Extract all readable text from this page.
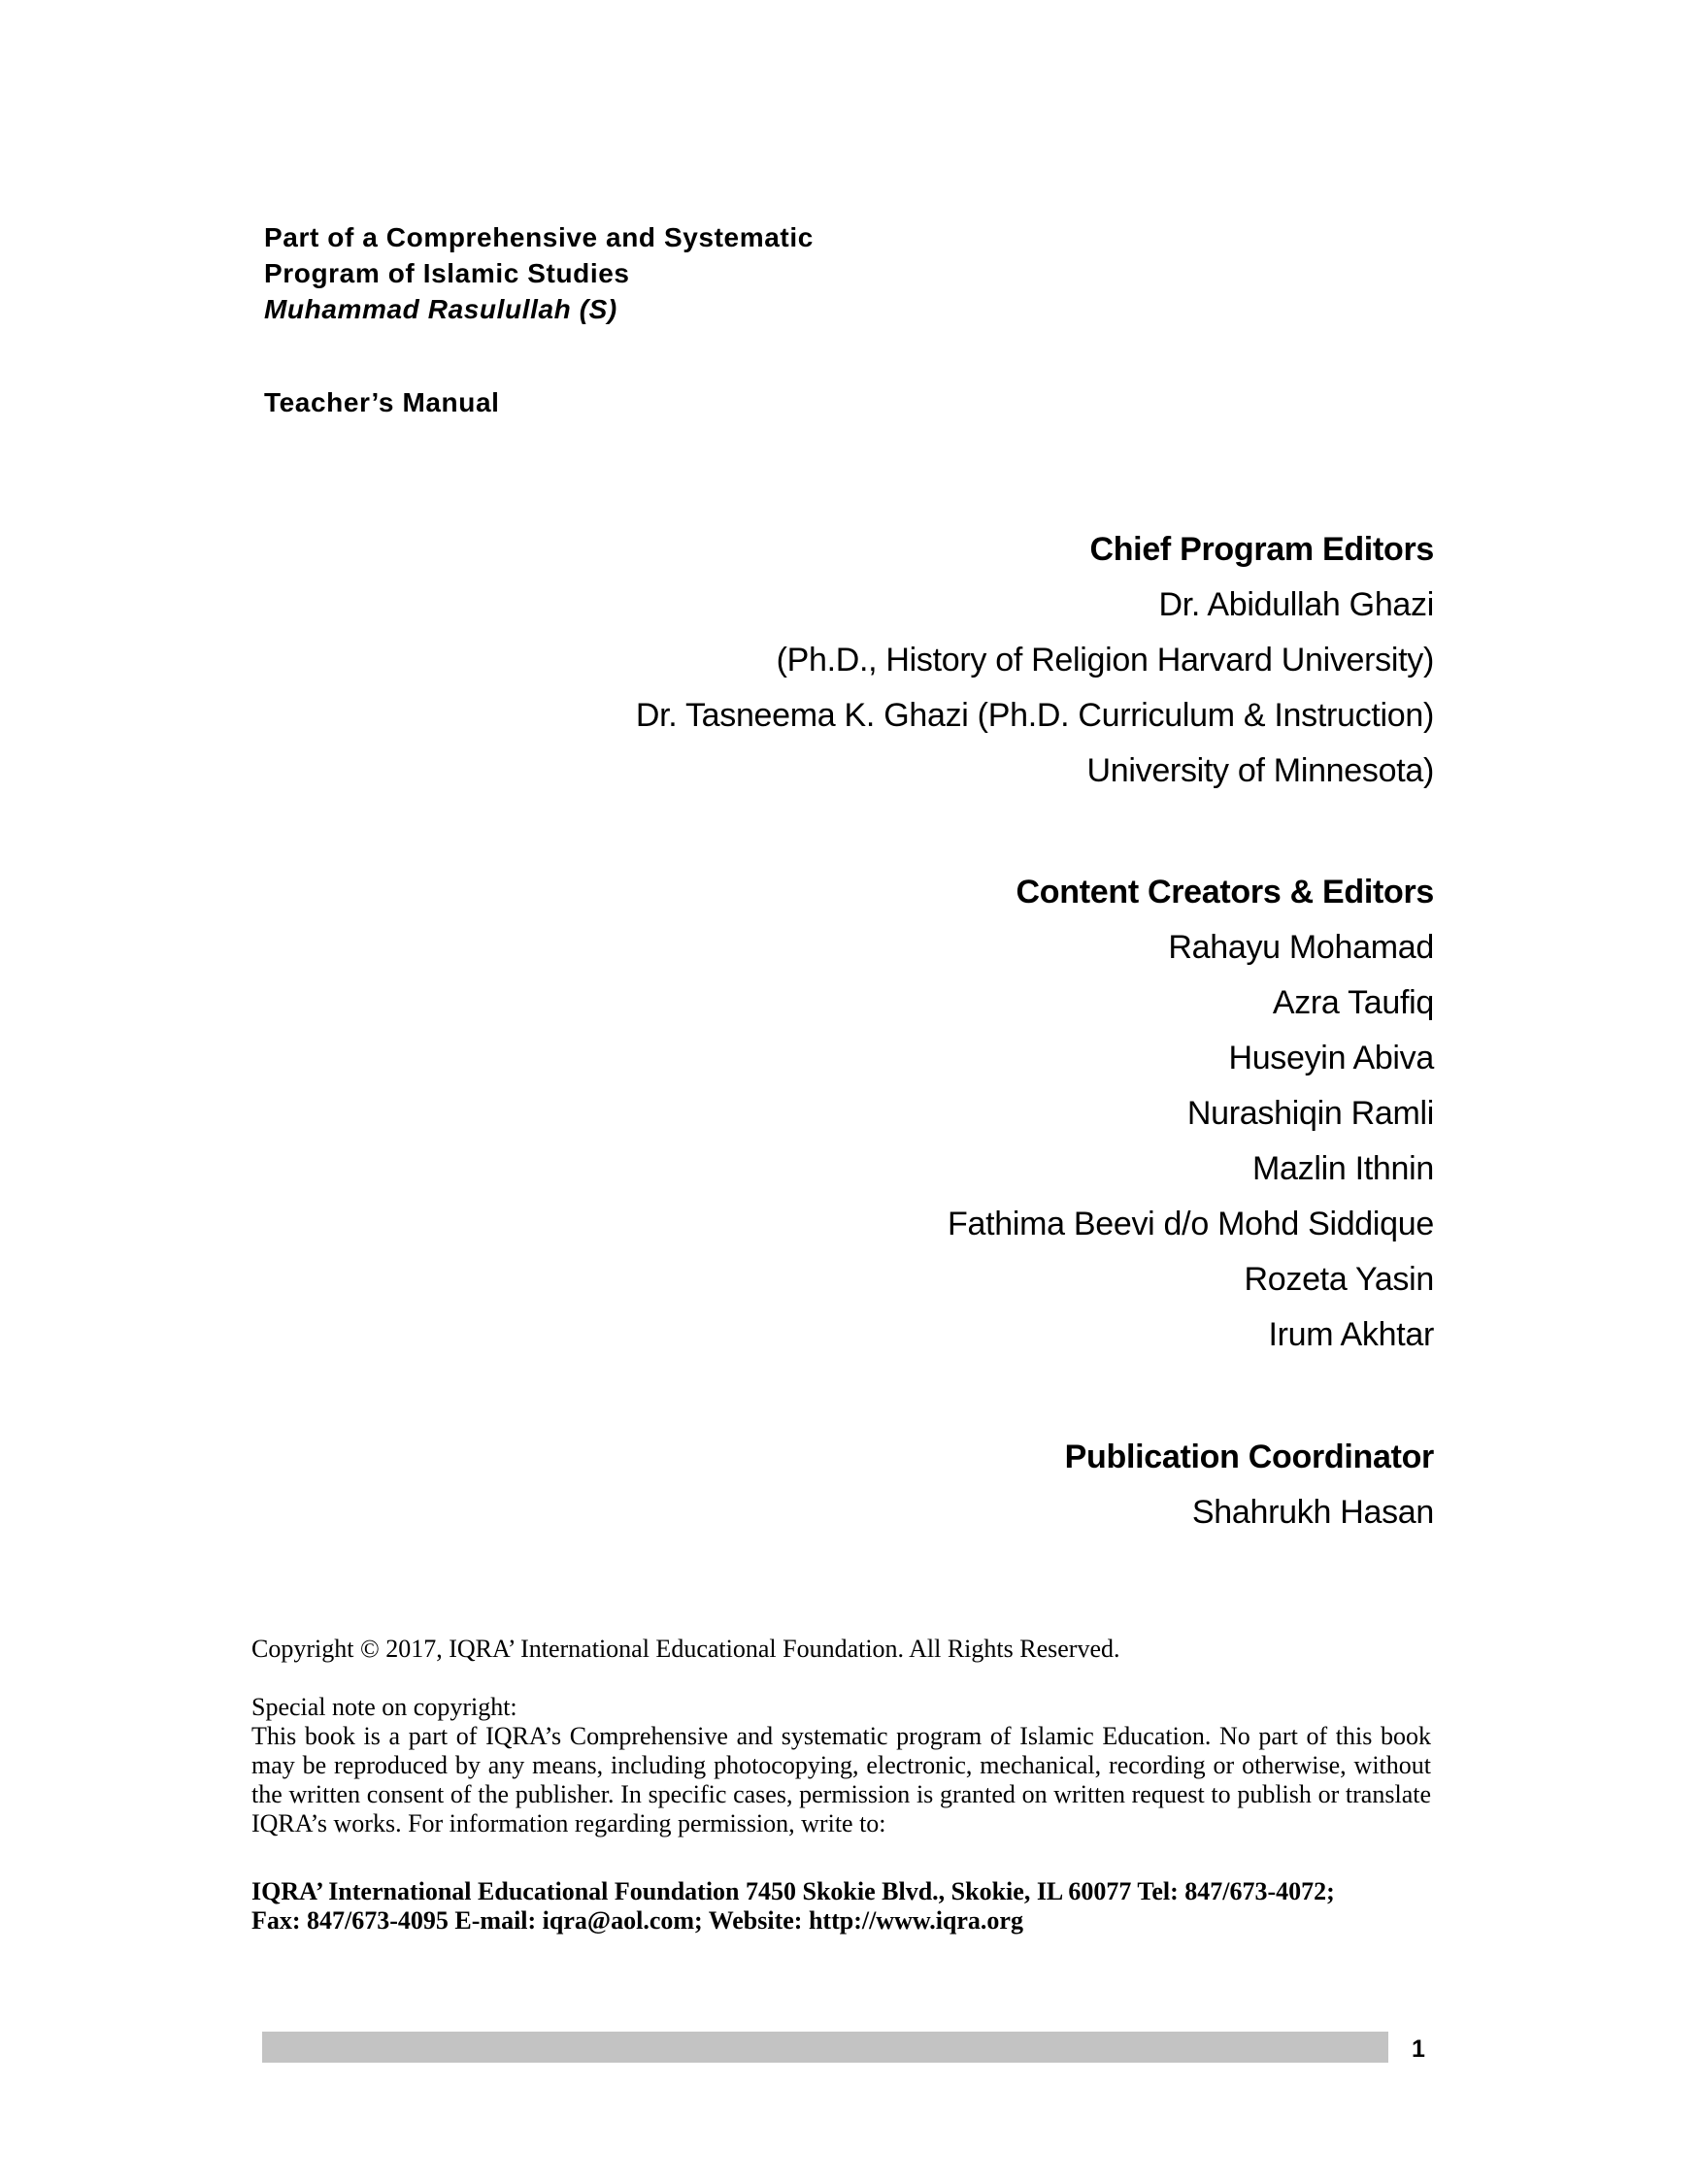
Part of a Comprehensive and Systematic
Program of Islamic Studies
Muhammad Rasulullah (S)
Teacher’s Manual
Chief Program Editors
Dr. Abidullah Ghazi
(Ph.D., History of Religion Harvard University)
Dr. Tasneema K. Ghazi (Ph.D. Curriculum & Instruction)
University of Minnesota)
Content Creators & Editors
Rahayu Mohamad
Azra Taufiq
Huseyin Abiva
Nurashiqin Ramli
Mazlin Ithnin
Fathima Beevi d/o Mohd Siddique
Rozeta Yasin
Irum Akhtar
Publication Coordinator
Shahrukh Hasan
Copyright © 2017, IQRA’ International Educational Foundation. All Rights Reserved.
Special note on copyright:
This book is a part of IQRA’s Comprehensive and systematic program of Islamic Education. No part of this book may be reproduced by any means, including photocopying, electronic, mechanical, recording or otherwise, without the written consent of the publisher. In specific cases, permission is granted on written request to publish or translate IQRA’s works. For information regarding permission, write to:
IQRA’ International Educational Foundation 7450 Skokie Blvd., Skokie, IL 60077 Tel: 847/673-4072;
Fax: 847/673-4095 E-mail: iqra@aol.com; Website: http://www.iqra.org
1
